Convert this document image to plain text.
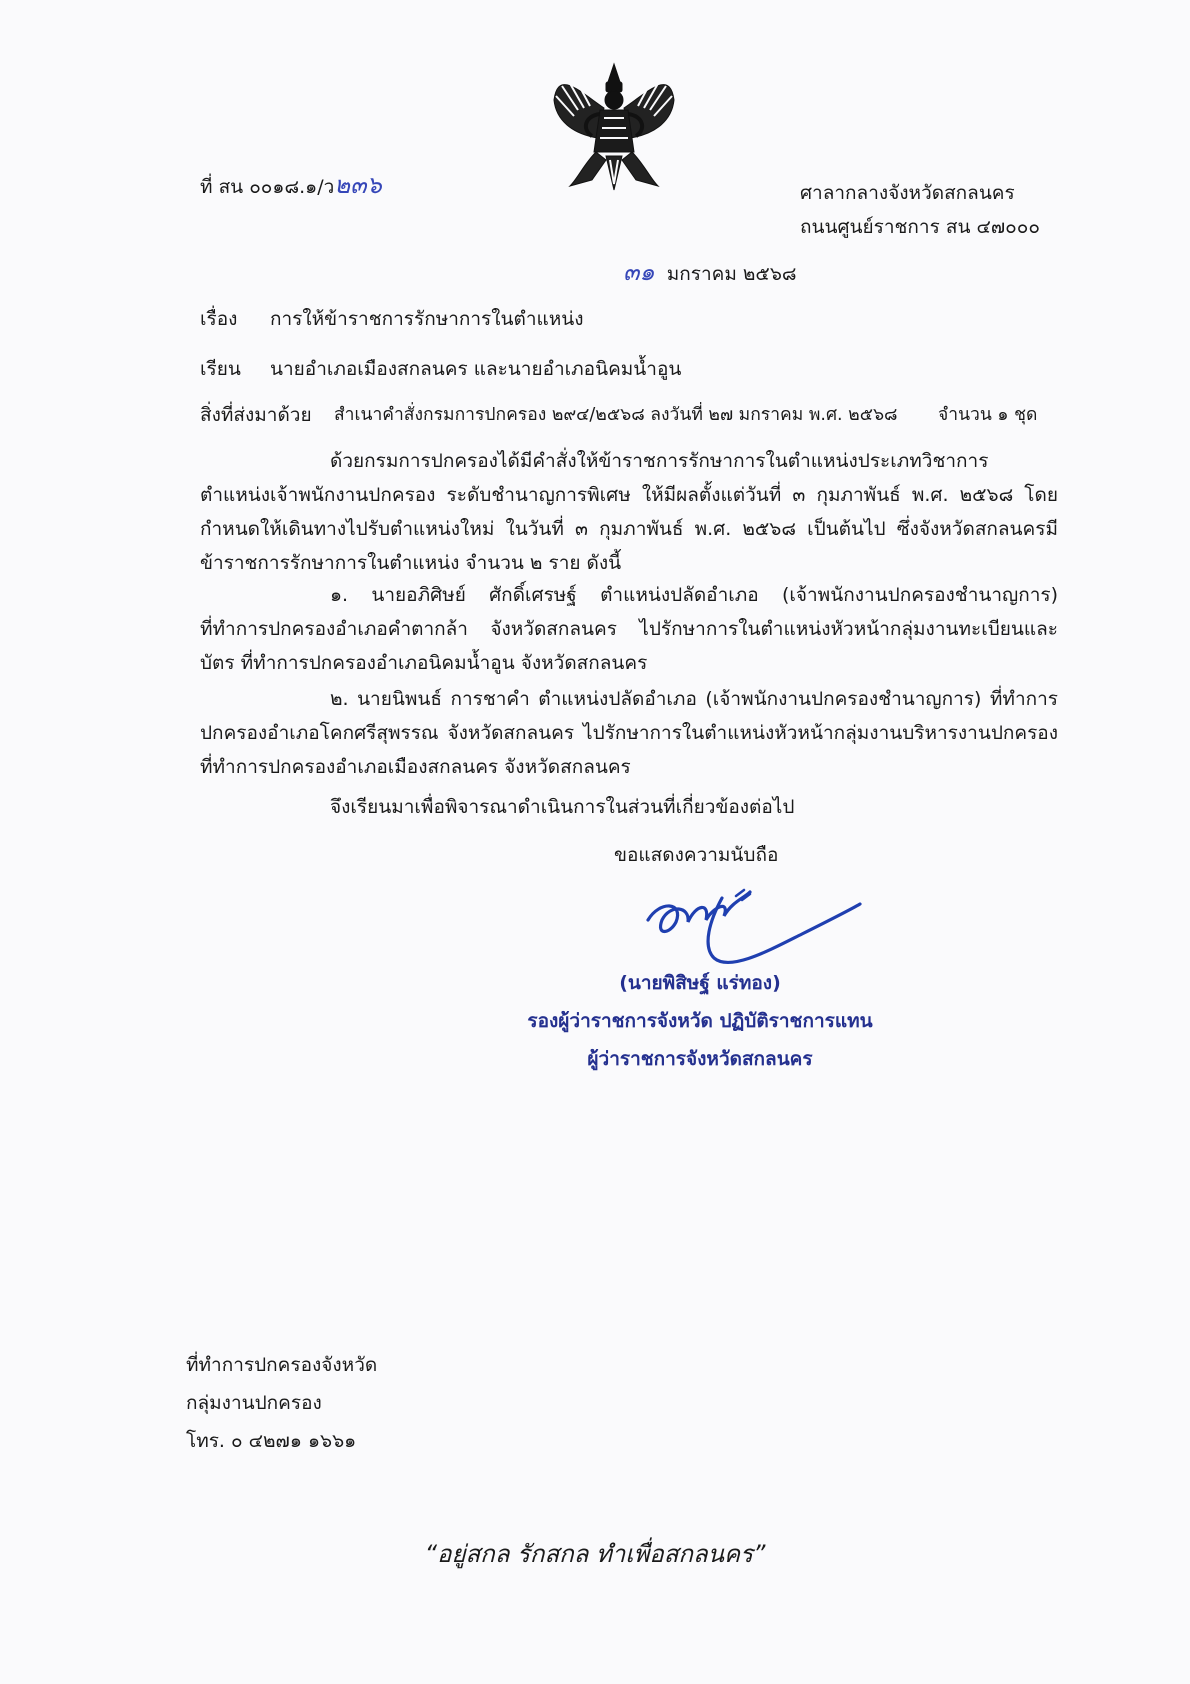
ที่ สน ๐๐๑๘.๑/ว๒๓๖	ศาลากลางจังหวัดสกลนคร
ถนนศูนย์ราชการ สน ๔๗๐๐๐
๓๑ มกราคม ๒๕๖๘
เรื่อง การให้ข้าราชการรักษาการในตำแหน่ง
เรียน นายอำเภอเมืองสกลนคร และนายอำเภอนิคมน้ำอูน
สิ่งที่ส่งมาด้วย สำเนาคำสั่งกรมการปกครอง ๒๙๔/๒๕๖๘ ลงวันที่ ๒๗ มกราคม พ.ศ. ๒๕๖๘ จำนวน ๑ ชุด
ด้วยกรมการปกครองได้มีคำสั่งให้ข้าราชการรักษาการในตำแหน่งประเภทวิชาการ ตำแหน่งเจ้าพนักงานปกครอง ระดับชำนาญการพิเศษ ให้มีผลตั้งแต่วันที่ ๓ กุมภาพันธ์ พ.ศ. ๒๕๖๘ โดยกำหนดให้เดินทางไปรับตำแหน่งใหม่ ในวันที่ ๓ กุมภาพันธ์ พ.ศ. ๒๕๖๘ เป็นต้นไป ซึ่งจังหวัดสกลนครมีข้าราชการรักษาการในตำแหน่ง จำนวน ๒ ราย ดังนี้
๑. นายอภิศิษย์ ศักดิ์เศรษฐ์ ตำแหน่งปลัดอำเภอ (เจ้าพนักงานปกครองชำนาญการ) ที่ทำการปกครองอำเภอคำตากล้า จังหวัดสกลนคร ไปรักษาการในตำแหน่งหัวหน้ากลุ่มงานทะเบียนและบัตร ที่ทำการปกครองอำเภอนิคมน้ำอูน จังหวัดสกลนคร
๒. นายนิพนธ์ การชาคำ ตำแหน่งปลัดอำเภอ (เจ้าพนักงานปกครองชำนาญการ) ที่ทำการปกครองอำเภอโคกศรีสุพรรณ จังหวัดสกลนคร ไปรักษาการในตำแหน่งหัวหน้ากลุ่มงานบริหารงานปกครอง ที่ทำการปกครองอำเภอเมืองสกลนคร จังหวัดสกลนคร
จึงเรียนมาเพื่อพิจารณาดำเนินการในส่วนที่เกี่ยวข้องต่อไป
ขอแสดงความนับถือ
(นายพิสิษฐ์ แร่ทอง)
รองผู้ว่าราชการจังหวัด ปฏิบัติราชการแทน
ผู้ว่าราชการจังหวัดสกลนคร
ที่ทำการปกครองจังหวัด
กลุ่มงานปกครอง
โทร. ๐ ๔๒๗๑ ๑๖๖๑
“อยู่สกล รักสกล ทำเพื่อสกลนคร”
